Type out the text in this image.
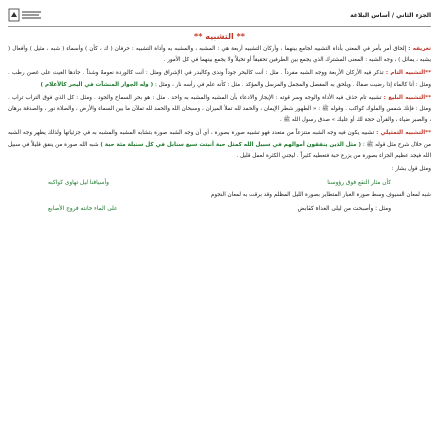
الجزء الثاني / أساس البلاغة
** التشبيه **

تعريفه : إلحاق أمر بأمر في المعنى بأداة التشبيه لجامع بينهما ، وأركان التشبيه أربعة هي : المشبه ، والمشبه به وأداة التشبيه : حرفان ( ك ، كأن ) وأسماء ( شبه ، مثيل ) وأفعال ( يشبه ، يماثل ) ، وجه الشبه : المعنى المشترك الذي يجمع بين الطرفين تحقيقاً أو تخيلاً ولا يجمع بينهما في كل الأمور .

**التشبيه التام : تذكر فيه الأركان الأربعة ووجه الشبه مفرداً . مثل : أنت كالبحر جوداً وندى وكالبدر في الإشراق ومثل : أنت كالوردة نعومةً وشذاً . جادها الغيث على غصن رطب . ومثل : أنا كالماء إذا رضيت صفاءً . ويلحق به المفصل والمجمل والمرسل والمؤكد . مثل : كأنه علم في رأسه نار ، ومثل : ( وله الجوار المنشآت في البحر كالأعلام )

**التشبيه البليغ : تشبيه تام حذف فيه الأداة والوجه وسر قوته : الإيجاز والادعاء بأن المشبه والمشبه به واحد . مثل : هو بحر السماح والجود . ومثل : كل الذي فوق التراب تراب . ومثل : فإنك شمس والملوك كواكب . وقوله ﷺ : « الطهور شطر الإيمان ، والحمد لله تملأ الميزان ، وسبحان الله والحمد لله تملآن ما بين السماء والأرض ، والصلاة نور ، والصدقة برهان ، والصبر ضياء ، والقرآن حجة لك أو عليك » صدق رسول الله ﷺ .

**التشبيه التمثيلي : تشبيه يكون فيه وجه الشبه منتزعاً من متعدد فهو تشبيه صورة بصورة ، أي أن وجه الشبه صورة بتشابه المشبه والمشبه به في جزئياتها ولذلك يظهر وجه الشبه من خلال شرح مثل قوله ﷺ : ( مثل الذين ينفقون أموالهم في سبيل الله كمثل حبة أنبتت سبع سنابل في كل سنبلة مئة حبة ) شبه الله صورة من ينفق قليلاً في سبيل الله فيجد عظيم الجزاء بصورة من يزرع حبة فتعطيه كثيراً . ليجني الكثرة لعمل قليل .

ومثل قول بشار :

كأن مثار النقع فوق رؤوسنا
وأسيافنا ليل تهاوى كواكبه

شبه لمعان السيوف وسط صورة الغبار المتطاير بصورة الليل المظلم وقد برقت به لمعان النجوم

ومثل : وأصبحت من ليلى الغداة كقابض
على الماء خانته فروج الأصابع
